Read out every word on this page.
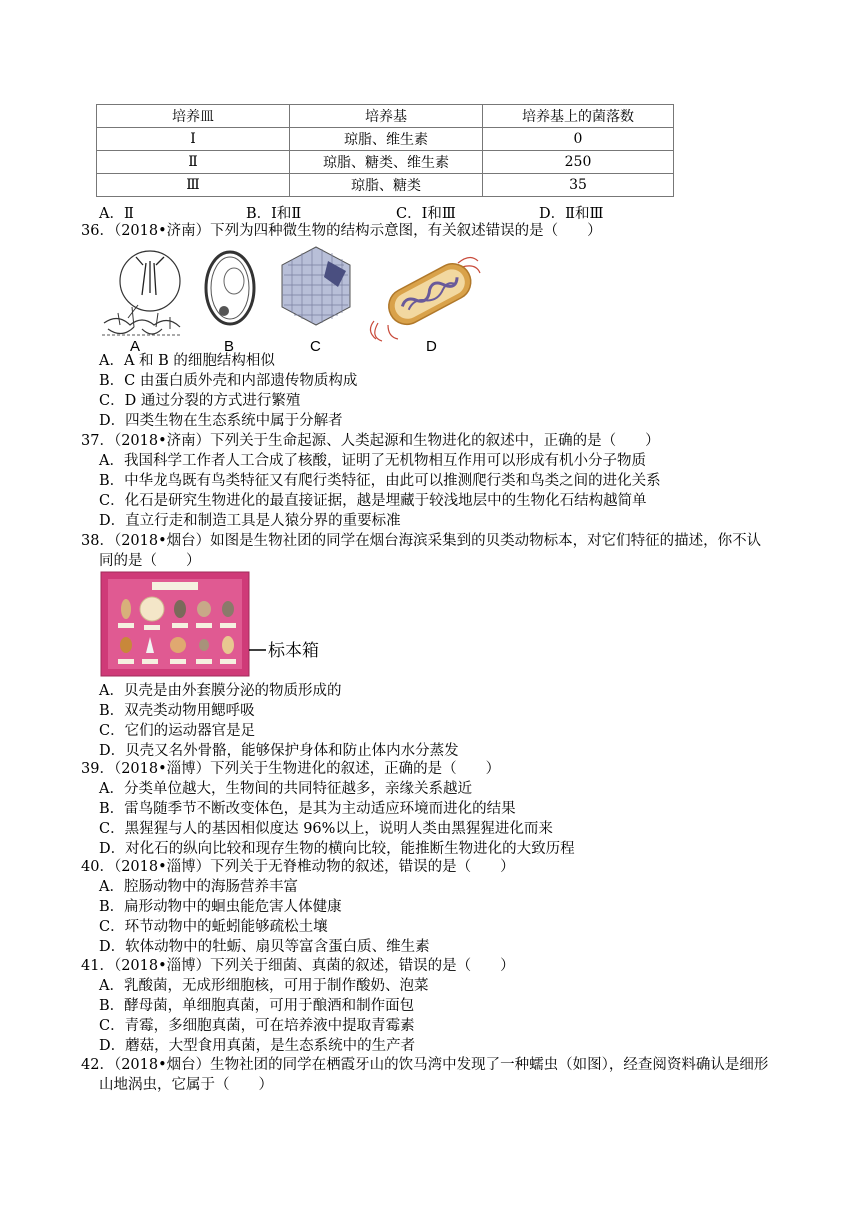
培养皿	培养基	培养基上的菌落数
Ⅰ	琼脂、维生素	0
Ⅱ	琼脂、糖类、维生素	250
Ⅲ	琼脂、糖类	35
A．Ⅱ	B．Ⅰ和Ⅱ	C．Ⅰ和Ⅲ	D．Ⅱ和Ⅲ
36．（2018•济南）下列为四种微生物的结构示意图，有关叙述错误的是（　　）
A	B	C	D
A．A 和 B 的细胞结构相似
B．C 由蛋白质外壳和内部遗传物质构成
C．D 通过分裂的方式进行繁殖
D．四类生物在生态系统中属于分解者
37．（2018•济南）下列关于生命起源、人类起源和生物进化的叙述中，正确的是（　　）
A．我国科学工作者人工合成了核酸，证明了无机物相互作用可以形成有机小分子物质
B．中华龙鸟既有鸟类特征又有爬行类特征，由此可以推测爬行类和鸟类之间的进化关系
C．化石是研究生物进化的最直接证据，越是埋藏于较浅地层中的生物化石结构越简单
D．直立行走和制造工具是人猿分界的重要标准
38．（2018•烟台）如图是生物社团的同学在烟台海滨采集到的贝类动物标本，对它们特征的描述，你不认
同的是（　　）
标本箱
A．贝壳是由外套膜分泌的物质形成的
B．双壳类动物用鳃呼吸
C．它们的运动器官是足
D．贝壳又名外骨骼，能够保护身体和防止体内水分蒸发
39．（2018•淄博）下列关于生物进化的叙述，正确的是（　　）
A．分类单位越大，生物间的共同特征越多，亲缘关系越近
B．雷鸟随季节不断改变体色，是其为主动适应环境而进化的结果
C．黑猩猩与人的基因相似度达 96%以上，说明人类由黑猩猩进化而来
D．对化石的纵向比较和现存生物的横向比较，能推断生物进化的大致历程
40．（2018•淄博）下列关于无脊椎动物的叙述，错误的是（　　）
A．腔肠动物中的海肠营养丰富
B．扁形动物中的蛔虫能危害人体健康
C．环节动物中的蚯蚓能够疏松土壤
D．软体动物中的牡蛎、扇贝等富含蛋白质、维生素
41．（2018•淄博）下列关于细菌、真菌的叙述，错误的是（　　）
A．乳酸菌，无成形细胞核，可用于制作酸奶、泡菜
B．酵母菌，单细胞真菌，可用于酿酒和制作面包
C．青霉，多细胞真菌，可在培养液中提取青霉素
D．蘑菇，大型食用真菌，是生态系统中的生产者
42．（2018•烟台）生物社团的同学在栖霞牙山的饮马湾中发现了一种蠕虫（如图），经查阅资料确认是细形
山地涡虫，它属于（　　）
